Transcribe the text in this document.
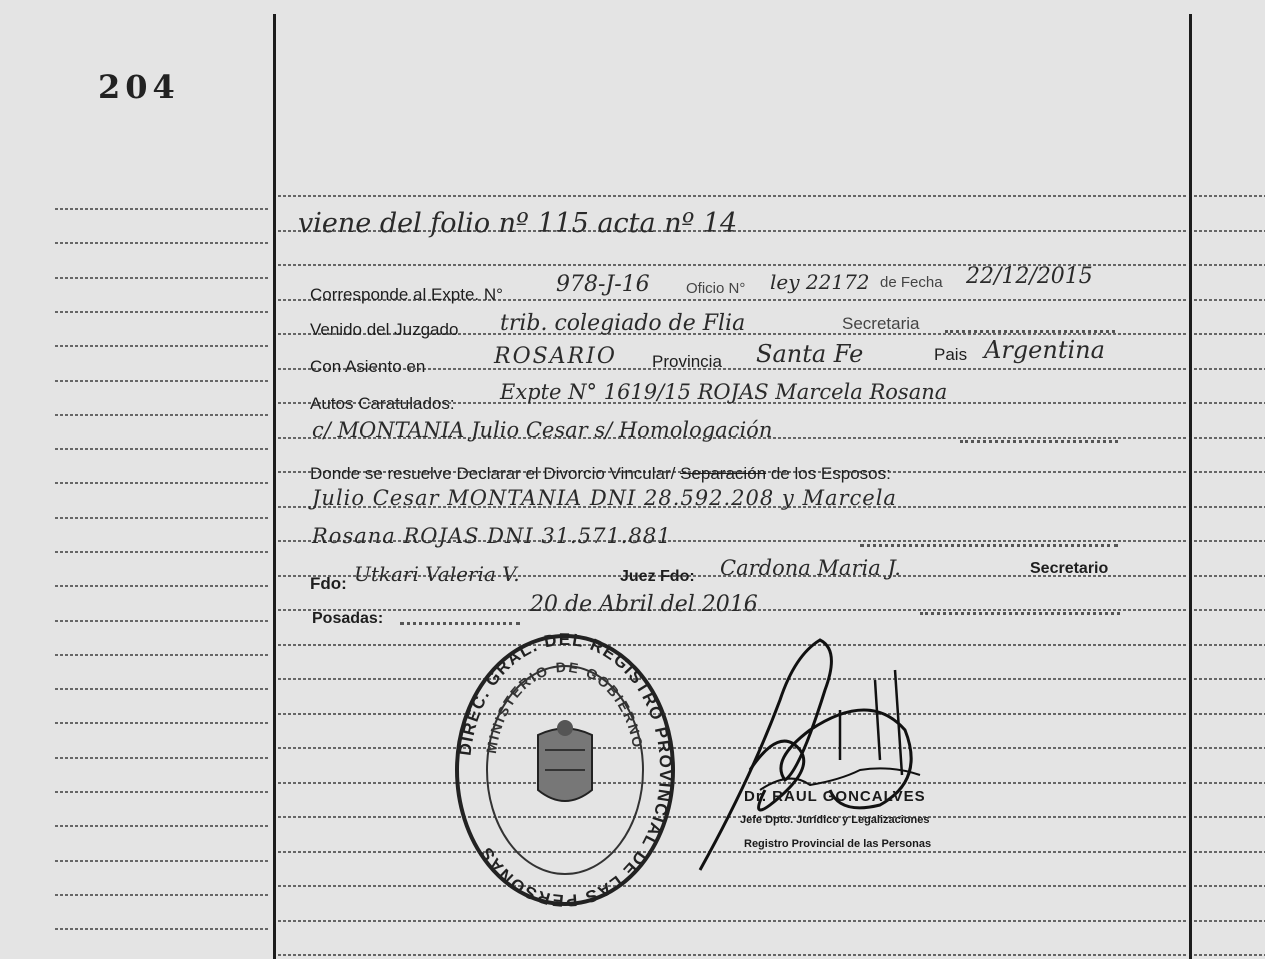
204
viene del folio nº 115 acta nº 14
Corresponde al Expte. N° 978-J-16 Oficio N° ley 22172 de Fecha 22/12/2015
Venido del Juzgado trib. colegiado de Flia	Secretaria
Con Asiento en	ROSARIO Provincia Santa Fe	Pais Argentina
Autos Caratulados: Expte N° 1619/15 ROJAS Marcela Rosana
c/ MONTANIA Julio Cesar s/ Homologación
Donde se resuelve Declarar el Divorcio Vincular/ Separación de los Esposos:
Julio Cesar MONTANIA DNI 28.592.208 y Marcela
Rosana ROJAS DNI 31.571.881
Fdo: Utkari Valeria V.	Juez Fdo: Cardona Maria J.	Secretario
Posadas:
20 de Abril del 2016
DIREC. GRAL. DEL REGISTRO PROVINCIAL DE LAS PERSONAS
MINISTERIO DE GOBIERNO
Dr. RAUL GONCALVES
Jefe Dpto. Jurídico y Legalizaciones
Registro Provincial de las Personas
